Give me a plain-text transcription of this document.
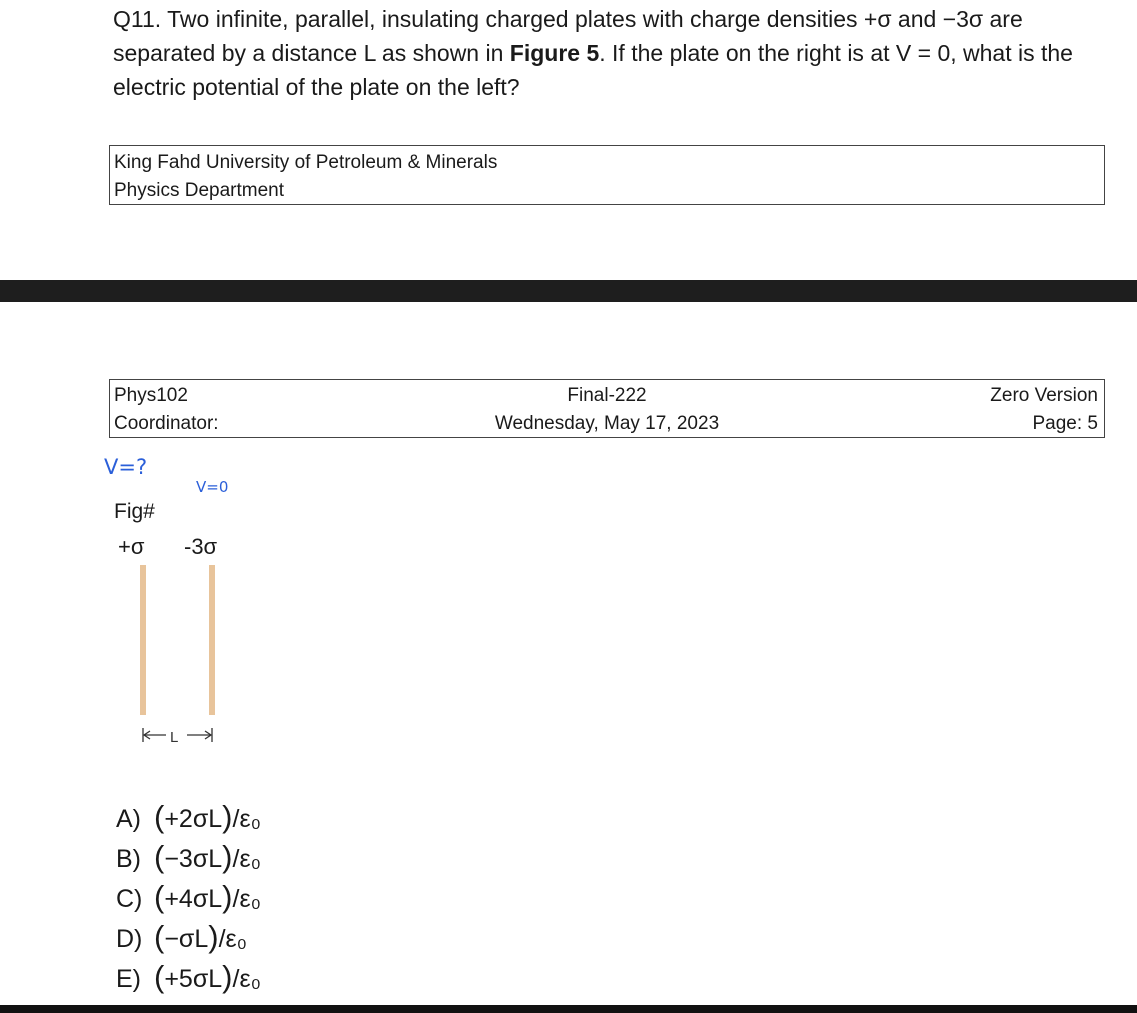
Q11. Two infinite, parallel, insulating charged plates with charge densities +σ and −3σ are separated by a distance L as shown in Figure 5. If the plate on the right is at V = 0, what is the electric potential of the plate on the left?

King Fahd University of Petroleum & Minerals
Physics Department
Phys102
Coordinator:
Final-222
Wednesday, May 17, 2023
Zero Version
Page: 5
V=?
V=0
Fig#
+σ -3σ
L
A) (+2σL)/ε₀
B) (−3σL)/ε₀
C) (+4σL)/ε₀
D) (−σL)/ε₀
E) (+5σL)/ε₀
